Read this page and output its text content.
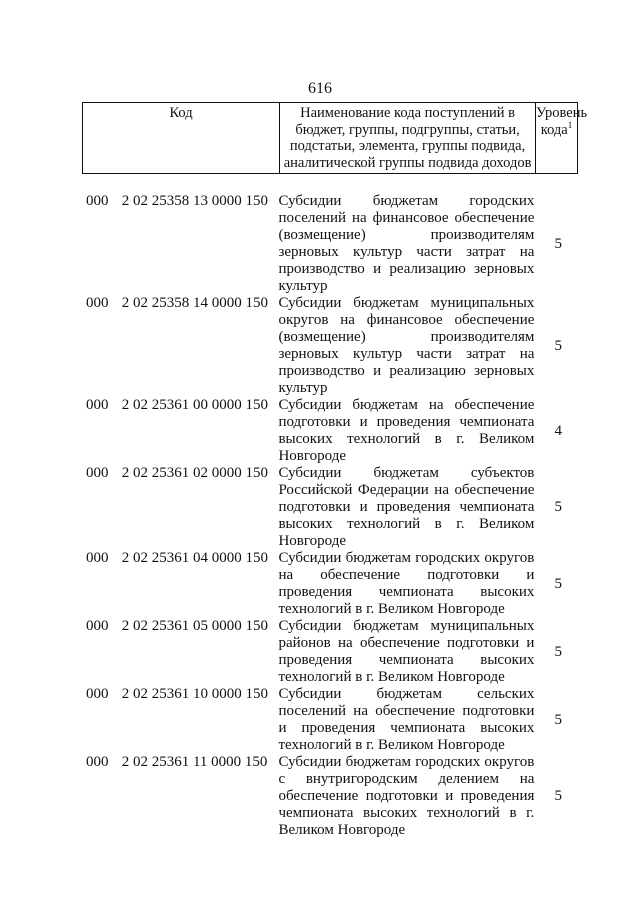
616
Код	Наименование кода поступлений в бюджет, группы, подгруппы, статьи, подстатьи, элемента, группы подвида, аналитической группы подвида доходов
Уровень кода$^1$
000 2 02 25358 13 0000 150 Субсидии бюджетам городских поселений на финансовое обеспечение (возмещение) производителям зерновых культур части затрат на производство и реализацию зерновых культур
5
000 2 02 25358 14 0000 150 Субсидии бюджетам муниципальных округов на финансовое обеспечение (возмещение) производителям зерновых культур части затрат на производство и реализацию зерновых культур
5
000 2 02 25361 00 0000 150 Субсидии бюджетам на обеспечение подготовки и проведения чемпионата высоких технологий в г. Великом Новгороде
4
000 2 02 25361 02 0000 150 Субсидии бюджетам субъектов Российской Федерации на обеспечение подготовки и проведения чемпионата высоких технологий в г. Великом Новгороде
5
000 2 02 25361 04 0000 150 Субсидии бюджетам городских округов на обеспечение подготовки и проведения чемпионата высоких технологий в г. Великом Новгороде
5
000 2 02 25361 05 0000 150 Субсидии бюджетам муниципальных районов на обеспечение подготовки и проведения чемпионата высоких технологий в г. Великом Новгороде
5
000 2 02 25361 10 0000 150 Субсидии бюджетам сельских поселений на обеспечение подготовки и проведения чемпионата высоких технологий в г. Великом Новгороде
5
000 2 02 25361 11 0000 150 Субсидии бюджетам городских округов с внутригородским делением на обеспечение подготовки и проведения чемпионата высоких технологий в г. Великом Новгороде
5
